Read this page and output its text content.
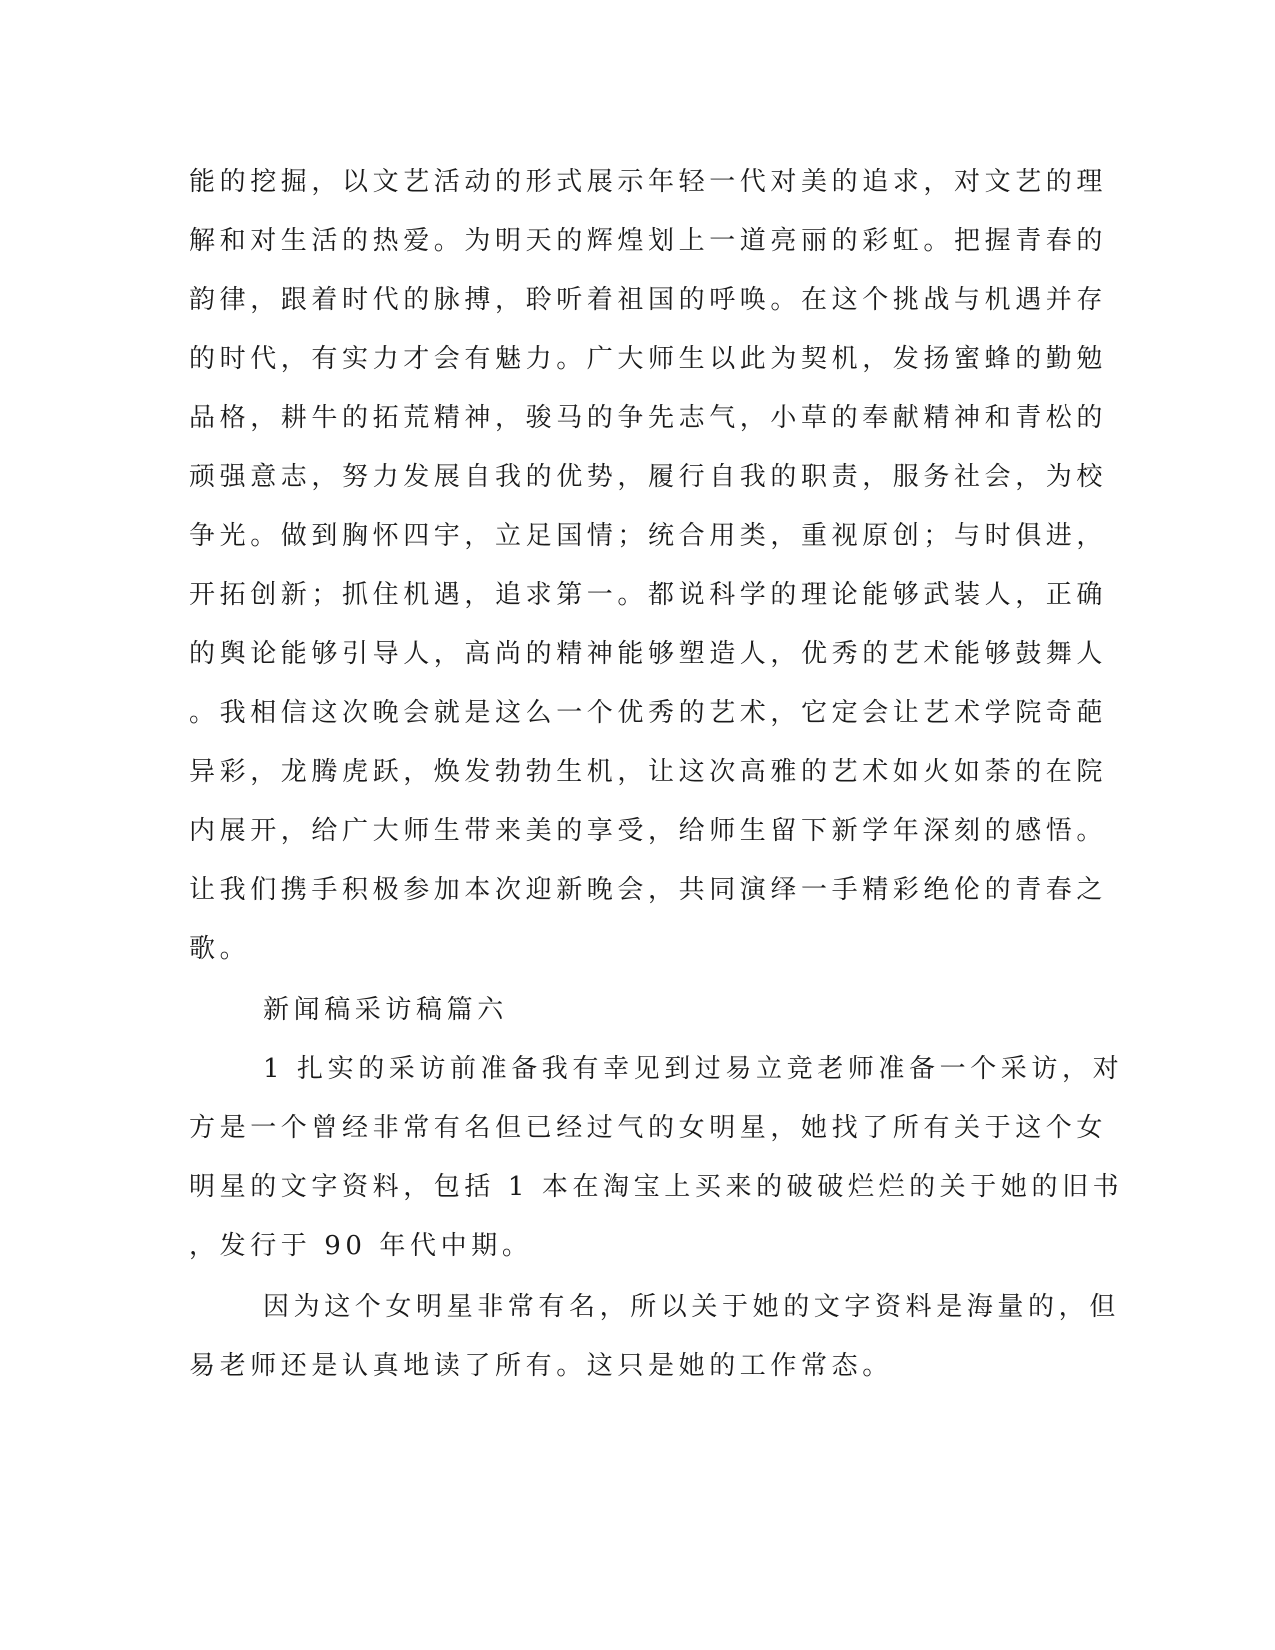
能的挖掘，以文艺活动的形式展示年轻一代对美的追求，对文艺的理
解和对生活的热爱。为明天的辉煌划上一道亮丽的彩虹。把握青春的
韵律，跟着时代的脉搏，聆听着祖国的呼唤。在这个挑战与机遇并存
的时代，有实力才会有魅力。广大师生以此为契机，发扬蜜蜂的勤勉
品格，耕牛的拓荒精神，骏马的争先志气，小草的奉献精神和青松的
顽强意志，努力发展自我的优势，履行自我的职责，服务社会，为校
争光。做到胸怀四宇，立足国情；统合用类，重视原创；与时俱进，
开拓创新；抓住机遇，追求第一。都说科学的理论能够武装人，正确
的舆论能够引导人，高尚的精神能够塑造人，优秀的艺术能够鼓舞人
。我相信这次晚会就是这么一个优秀的艺术，它定会让艺术学院奇葩
异彩，龙腾虎跃，焕发勃勃生机，让这次高雅的艺术如火如荼的在院
内展开，给广大师生带来美的享受，给师生留下新学年深刻的感悟。
让我们携手积极参加本次迎新晚会，共同演绎一手精彩绝伦的青春之
歌。
新闻稿采访稿篇六
1 扎实的采访前准备我有幸见到过易立竞老师准备一个采访，对
方是一个曾经非常有名但已经过气的女明星，她找了所有关于这个女
明星的文字资料，包括 1 本在淘宝上买来的破破烂烂的关于她的旧书
，发行于 90 年代中期。
因为这个女明星非常有名，所以关于她的文字资料是海量的，但
易老师还是认真地读了所有。这只是她的工作常态。
